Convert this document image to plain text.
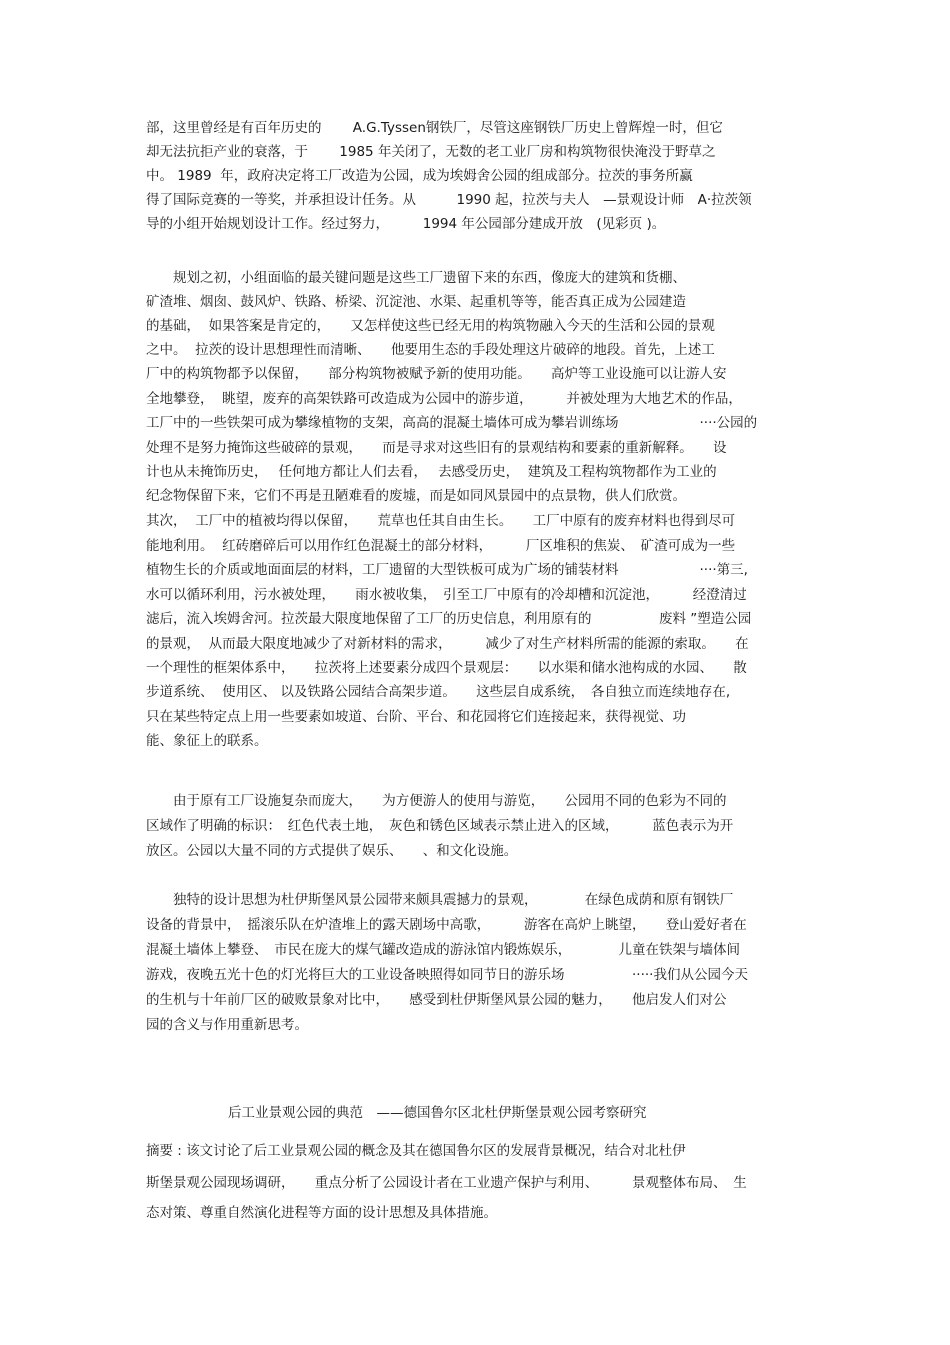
部，这里曾经是有百年历史的　　 A.G.Tyssen钢铁厂，尽管这座钢铁厂历史上曾辉煌一时，但它
却无法抗拒产业的衰落，于　　 1985 年关闭了，无数的老工业厂房和构筑物很快淹没于野草之
中。 1989  年，政府决定将工厂改造为公园，成为埃姆舍公园的组成部分。拉茨的事务所赢
得了国际竞赛的一等奖，并承担设计任务。从　　　1990 起，拉茨与夫人　—景观设计师　A·拉茨领
导的小组开始规划设计工作。经过努力，　　　1994 年公园部分建成开放　(见彩页 )。
　　规划之初，小组面临的最关键问题是这些工厂遗留下来的东西，像庞大的建筑和货棚、
矿渣堆、烟囱、鼓风炉、铁路、桥梁、沉淀池、水渠、起重机等等，能否真正成为公园建造
的基础，  如果答案是肯定的，　　又怎样使这些已经无用的构筑物融入今天的生活和公园的景观
之中。  拉茨的设计思想理性而清晰、　　他要用生态的手段处理这片破碎的地段。首先，上述工
厂中的构筑物都予以保留，　　部分构筑物被赋予新的使用功能。　　高炉等工业设施可以让游人安
全地攀登，  眺望，废弃的高架铁路可改造成为公园中的游步道，　　　并被处理为大地艺术的作品，
工厂中的一些铁架可成为攀缘植物的支架，高高的混凝土墙体可成为攀岩训练场　　　　　　····公园的
处理不是努力掩饰这些破碎的景观，　　而是寻求对这些旧有的景观结构和要素的重新解释。　　设
计也从未掩饰历史，　 任何地方都让人们去看，　 去感受历史，  建筑及工程构筑物都作为工业的
纪念物保留下来，它们不再是丑陋难看的废墟，而是如同风景园中的点景物，供人们欣赏。
其次，  工厂中的植被均得以保留，　　荒草也任其自由生长。　　工厂中原有的废弃材料也得到尽可
能地利用。  红砖磨碎后可以用作红色混凝土的部分材料，　　　厂区堆积的焦炭、　矿渣可成为一些
植物生长的介质或地面面层的材料，工厂遗留的大型铁板可成为广场的铺装材料　　　　　　····第三,
水可以循环利用，污水被处理，　　雨水被收集，　引至工厂中原有的冷却槽和沉淀池，　　　经澄清过
滤后，流入埃姆舍河。拉茨最大限度地保留了工厂的历史信息，利用原有的　　　　　废料 ”塑造公园
的景观，  从而最大限度地减少了对新材料的需求，　　　减少了对生产材料所需的能源的索取。　　在
一个理性的框架体系中，　　拉茨将上述要素分成四个景观层：　　以水渠和储水池构成的水园、　　散
步道系统、  使用区、 以及铁路公园结合高架步道。　　这些层自成系统，　各自独立而连续地存在,
只在某些特定点上用一些要素如坡道、台阶、平台、和花园将它们连接起来，获得视觉、功
能、象征上的联系。
　　由于原有工厂设施复杂而庞大，　　为方便游人的使用与游览，　　公园用不同的色彩为不同的
区域作了明确的标识：　红色代表土地，　灰色和锈色区域表示禁止进入的区域，　　　蓝色表示为开
放区。公园以大量不同的方式提供了娱乐、　　、和文化设施。
　　独特的设计思想为杜伊斯堡风景公园带来颇具震撼力的景观，　　　　在绿色成荫和原有钢铁厂
设备的背景中，　摇滚乐队在炉渣堆上的露天剧场中高歌，　　　游客在高炉上眺望，　　登山爱好者在
混凝土墙体上攀登、　市民在庞大的煤气罐改造成的游泳馆内锻炼娱乐，　　　　儿童在铁架与墙体间
游戏，夜晚五光十色的灯光将巨大的工业设备映照得如同节日的游乐场　　　　　·····我们从公园今天
的生机与十年前厂区的破败景象对比中，　　感受到杜伊斯堡风景公园的魅力，　　他启发人们对公
园的含义与作用重新思考。
后工业景观公园的典范　——德国鲁尔区北杜伊斯堡景观公园考察研究
摘要 : 该文讨论了后工业景观公园的概念及其在德国鲁尔区的发展背景概况，结合对北杜伊
斯堡景观公园现场调研，　　重点分析了公园设计者在工业遗产保护与利用、　　　景观整体布局、　生
态对策、尊重自然演化进程等方面的设计思想及具体措施。
